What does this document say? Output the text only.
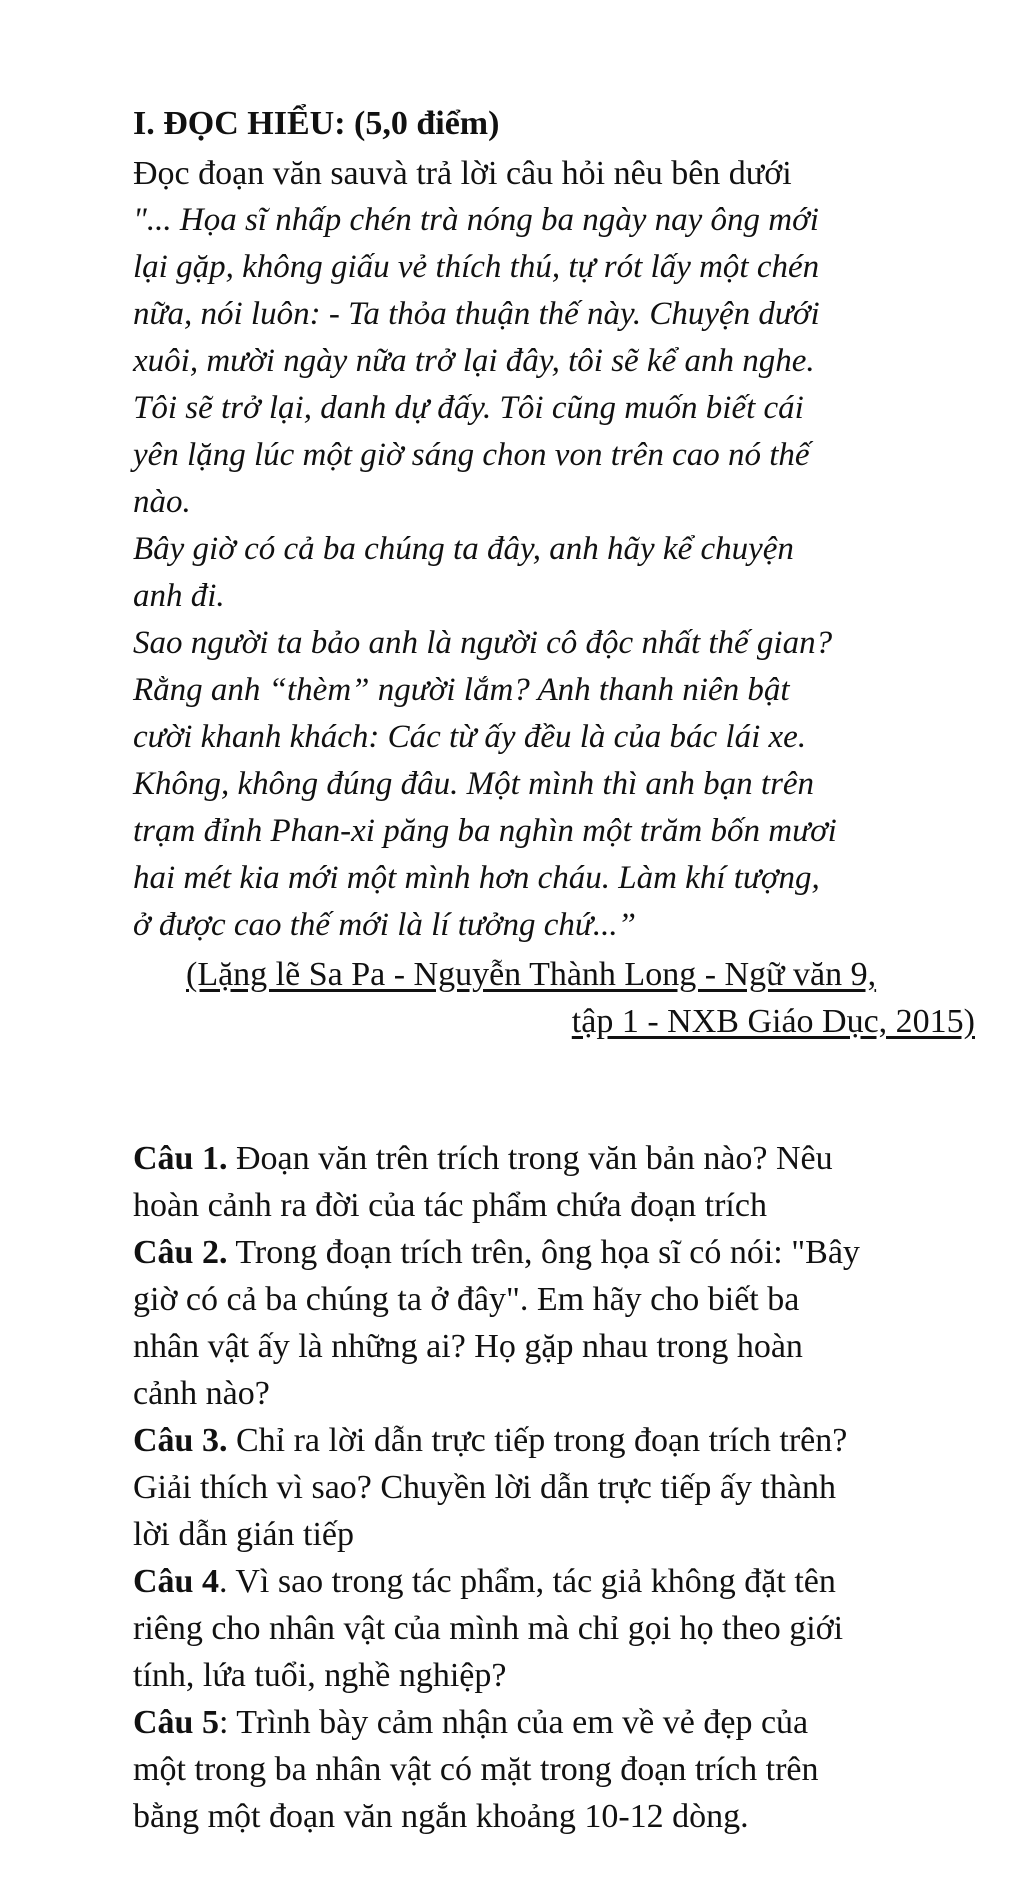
I. ĐỌC HIỂU: (5,0 điểm)

Đọc đoạn văn sauvà trả lời câu hỏi nêu bên dưới

"... Họa sĩ nhấp chén trà nóng ba ngày nay ông mới

lại gặp, không giấu vẻ thích thú, tự rót lấy một chén

nữa, nói luôn: - Ta thỏa thuận thế này. Chuyện dưới

xuôi, mười ngày nữa trở lại đây, tôi sẽ kể anh nghe.

Tôi sẽ trở lại, danh dự đấy. Tôi cũng muốn biết cái

yên lặng lúc một giờ sáng chon von trên cao nó thế

nào.

Bây giờ có cả ba chúng ta đây, anh hãy kể chuyện

anh đi.

Sao người ta bảo anh là người cô độc nhất thế gian?

Rằng anh “thèm” người lắm? Anh thanh niên bật

cười khanh khách: Các từ ấy đều là của bác lái xe.

Không, không đúng đâu. Một mình thì anh bạn trên

trạm đỉnh Phan-xi păng ba nghìn một trăm bốn mươi

hai mét kia mới một mình hơn cháu. Làm khí tượng,

ở được cao thế mới là lí tưởng chứ...”

(Lặng lẽ Sa Pa - Nguyễn Thành Long - Ngữ văn 9,
tập 1 - NXB Giáo Dục, 2015)

Câu 1. Đoạn văn trên trích trong văn bản nào? Nêu

hoàn cảnh ra đời của tác phẩm chứa đoạn trích

Câu 2. Trong đoạn trích trên, ông họa sĩ có nói: "Bây

giờ có cả ba chúng ta ở đây". Em hãy cho biết ba

nhân vật ấy là những ai? Họ gặp nhau trong hoàn

cảnh nào?

Câu 3. Chỉ ra lời dẫn trực tiếp trong đoạn trích trên?

Giải thích vì sao? Chuyền lời dẫn trực tiếp ấy thành

lời dẫn gián tiếp

Câu 4. Vì sao trong tác phẩm, tác giả không đặt tên

riêng cho nhân vật của mình mà chỉ gọi họ theo giới

tính, lứa tuổi, nghề nghiệp?

Câu 5: Trình bày cảm nhận của em về vẻ đẹp của

một trong ba nhân vật có mặt trong đoạn trích trên

bằng một đoạn văn ngắn khoảng 10-12 dòng.
